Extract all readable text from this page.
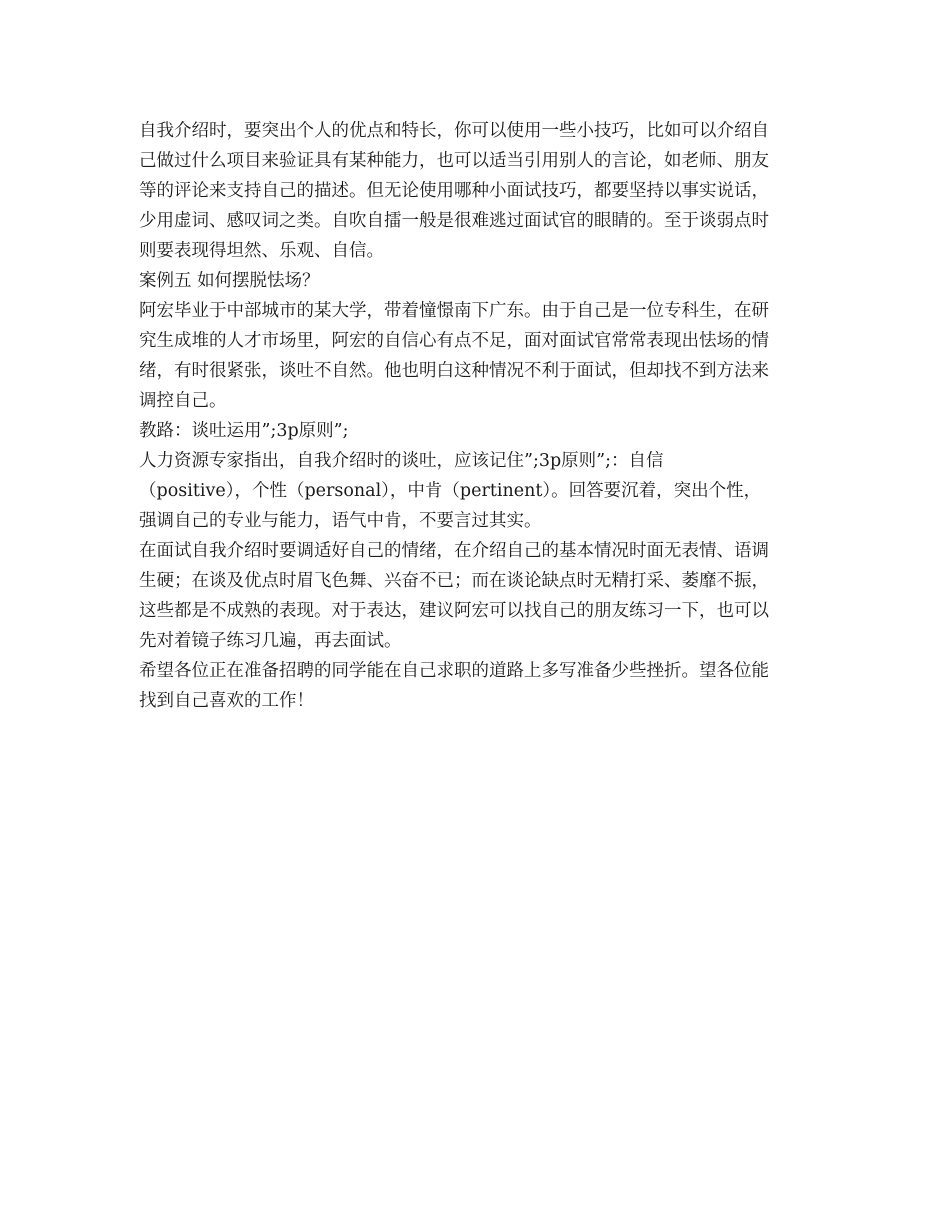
自我介绍时，要突出个人的优点和特长，你可以使用一些小技巧，比如可以介绍自
己做过什么项目来验证具有某种能力，也可以适当引用别人的言论，如老师、朋友
等的评论来支持自己的描述。但无论使用哪种小面试技巧，都要坚持以事实说话，
少用虚词、感叹词之类。自吹自擂一般是很难逃过面试官的眼睛的。至于谈弱点时
则要表现得坦然、乐观、自信。
案例五 如何摆脱怯场？
阿宏毕业于中部城市的某大学，带着憧憬南下广东。由于自己是一位专科生，在研
究生成堆的人才市场里，阿宏的自信心有点不足，面对面试官常常表现出怯场的情
绪，有时很紧张，谈吐不自然。他也明白这种情况不利于面试，但却找不到方法来
调控自己。
教路：谈吐运用”;3p原则”;
人力资源专家指出，自我介绍时的谈吐，应该记住”;3p原则”;：自信
（positive），个性（personal），中肯（pertinent）。回答要沉着，突出个性，
强调自己的专业与能力，语气中肯，不要言过其实。
在面试自我介绍时要调适好自己的情绪，在介绍自己的基本情况时面无表情、语调
生硬；在谈及优点时眉飞色舞、兴奋不已；而在谈论缺点时无精打采、萎靡不振，
这些都是不成熟的表现。对于表达，建议阿宏可以找自己的朋友练习一下，也可以
先对着镜子练习几遍，再去面试。
希望各位正在准备招聘的同学能在自己求职的道路上多写准备少些挫折。望各位能
找到自己喜欢的工作！
